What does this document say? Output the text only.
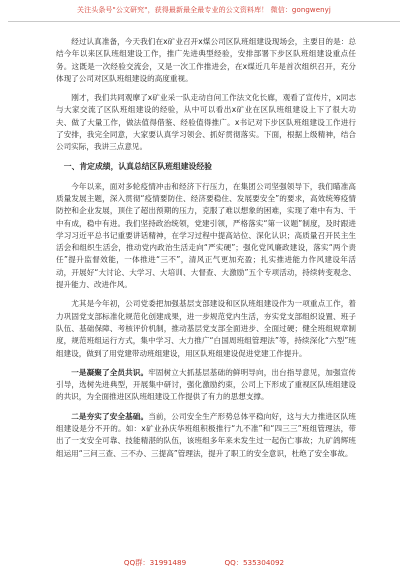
关注头条号"公文研究"，获得最新最全最专业的公文资料库！ 微信：gongwenyj

经过认真准备，今天我们在ⅹ矿业召开ⅹ煤公司区队班组建设现场会，主要目的是：总结今年以来区队班组建设工作，推广先进典型经验，安排部署下步区队班组建设重点任务。这既是一次经验交流会，又是一次工作推进会，在ⅹ煤近几年是首次组织召开，充分体现了公司对区队班组建设的高度重视。

刚才，我们共同观摩了ⅹ矿业采一队走动自问工作法文化长廊，观看了宣传片，ⅹ同志与大家交流了区队班组建设的经验，从中可以看出ⅹ矿业在区队班组建设上下了很大功夫、做了大量工作，做法值得借鉴、经验值得推广。ⅹ书记对下步区队班组建设工作进行了安排，我完全同意，大家要认真学习领会、抓好贯彻落实。下面，根据上级精神，结合公司实际，我讲三点意见。

一、肯定成绩，认真总结区队班组建设经验

今年以来，面对多轮疫情冲击和经济下行压力，在集团公司坚强领导下，我们瞄准高质量发展主题，深入贯彻“疫情要防住、经济要稳住、发展要安全”的要求，高效统筹疫情防控和企业发展，顶住了超出预期的压力，克服了难以想象的困难，实现了难中有为、干中有成，稳中有进。我们坚持政治统领，党建引领，严格落实“第一议题”制度，及时跟进学习习近平总书记重要讲话精神，在学习过程中提高站位、深化认识；高质量召开民主生活会和组织生活会，推动党内政治生活走向“严实硬”；强化党风廉政建设，落实“两个责任”提升监督效能，一体推进“三不”，清风正气更加充盈；扎实推进能力作风建设年活动，开展好“大讨论、大学习、大培训、大督查、大激励”五个专项活动，持续转变观念、提升能力、改进作风。

尤其是今年初，公司党委把加强基层支部建设和区队班组建设作为一项重点工作，着力巩固党支部标准化规范化创建成果，进一步规范党内生活，夯实党支部组织设置、班子队伍、基础保障、考核评价机制，推动基层党支部全面进步、全面过硬；健全班组规章制度，规范班组运行方式，集中学习、大力推广“白国周班组管理法”等，持续深化“六型”班组建设，做到了用党建带动班组建设，用区队班组建设促进党建工作提升。

一是凝聚了全员共识。牢固树立大抓基层基础的鲜明导向，出台指导意见，加强宣传引导，选树先进典型，开展集中研讨，强化激励约束，公司上下形成了重视区队班组建设的共识，为全面推进区队班组建设工作提供了有力的思想支撑。

二是夯实了安全基础。当前，公司安全生产形势总体平稳向好，这与大力推进区队班组建设是分不开的。如：ⅹ矿业孙庆华班组积极推行“九不准”和“四三三”班组管理法，带出了一支安全可靠、技能精湛的队伍，该班组多年来未发生过一起伤亡事故；九矿鸽辉班组运用“三问三查、三不办、三提高”管理法，提升了职工的安全意识，杜绝了安全事故。

QQ群：31991489	QQ：535304092
